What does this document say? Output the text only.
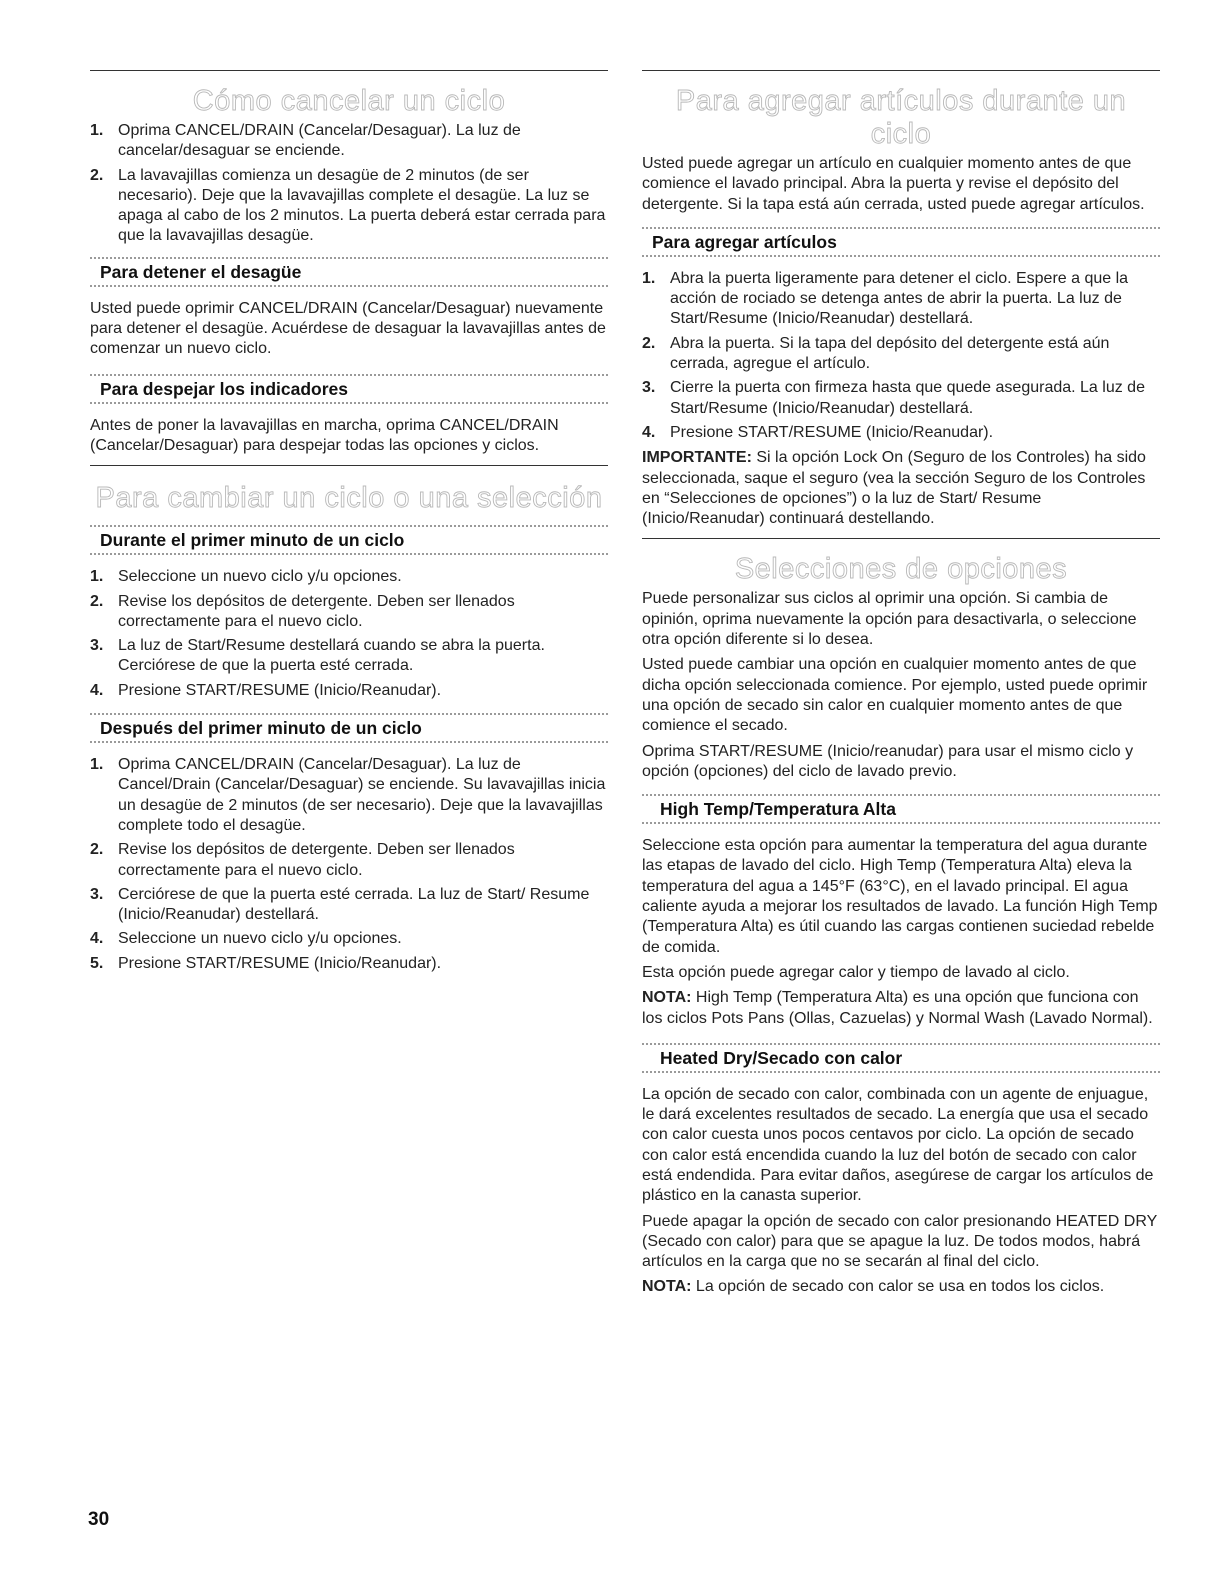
Cómo cancelar un ciclo
1. Oprima CANCEL/DRAIN (Cancelar/Desaguar). La luz de cancelar/desaguar se enciende.
2. La lavavajillas comienza un desagüe de 2 minutos (de ser necesario). Deje que la lavavajillas complete el desagüe. La luz se apaga al cabo de los 2 minutos. La puerta deberá estar cerrada para que la lavavajillas desagüe.
Para detener el desagüe

Usted puede oprimir CANCEL/DRAIN (Cancelar/Desaguar) nuevamente para detener el desagüe. Acuérdese de desaguar la lavavajillas antes de comenzar un nuevo ciclo.

Para despejar los indicadores

Antes de poner la lavavajillas en marcha, oprima CANCEL/DRAIN (Cancelar/Desaguar) para despejar todas las opciones y ciclos.

Para cambiar un ciclo o una selección
Durante el primer minuto de un ciclo
1. Seleccione un nuevo ciclo y/u opciones.
2. Revise los depósitos de detergente. Deben ser llenados correctamente para el nuevo ciclo.
3. La luz de Start/Resume destellará cuando se abra la puerta. Cerciórese de que la puerta esté cerrada.
4. Presione START/RESUME (Inicio/Reanudar).
Después del primer minuto de un ciclo
1. Oprima CANCEL/DRAIN (Cancelar/Desaguar). La luz de Cancel/Drain (Cancelar/Desaguar) se enciende. Su lavavajillas inicia un desagüe de 2 minutos (de ser necesario). Deje que la lavavajillas complete todo el desagüe.
2. Revise los depósitos de detergente. Deben ser llenados correctamente para el nuevo ciclo.
3. Cerciórese de que la puerta esté cerrada. La luz de Start/ Resume (Inicio/Reanudar) destellará.
4. Seleccione un nuevo ciclo y/u opciones.
5. Presione START/RESUME (Inicio/Reanudar).
Para agregar artículos durante un ciclo

Usted puede agregar un artículo en cualquier momento antes de que comience el lavado principal. Abra la puerta y revise el depósito del detergente. Si la tapa está aún cerrada, usted puede agregar artículos.

Para agregar artículos
1. Abra la puerta ligeramente para detener el ciclo. Espere a que la acción de rociado se detenga antes de abrir la puerta. La luz de Start/Resume (Inicio/Reanudar) destellará.
2. Abra la puerta. Si la tapa del depósito del detergente está aún cerrada, agregue el artículo.
3. Cierre la puerta con firmeza hasta que quede asegurada. La luz de Start/Resume (Inicio/Reanudar) destellará.
4. Presione START/RESUME (Inicio/Reanudar).

IMPORTANTE: Si la opción Lock On (Seguro de los Controles) ha sido seleccionada, saque el seguro (vea la sección Seguro de los Controles en “Selecciones de opciones”) o la luz de Start/ Resume (Inicio/Reanudar) continuará destellando.

Selecciones de opciones

Puede personalizar sus ciclos al oprimir una opción. Si cambia de opinión, oprima nuevamente la opción para desactivarla, o seleccione otra opción diferente si lo desea.

Usted puede cambiar una opción en cualquier momento antes de que dicha opción seleccionada comience. Por ejemplo, usted puede oprimir una opción de secado sin calor en cualquier momento antes de que comience el secado.

Oprima START/RESUME (Inicio/reanudar) para usar el mismo ciclo y opción (opciones) del ciclo de lavado previo.

High Temp/Temperatura Alta

Seleccione esta opción para aumentar la temperatura del agua durante las etapas de lavado del ciclo. High Temp (Temperatura Alta) eleva la temperatura del agua a 145°F (63°C), en el lavado principal. El agua caliente ayuda a mejorar los resultados de lavado. La función High Temp (Temperatura Alta) es útil cuando las cargas contienen suciedad rebelde de comida.

Esta opción puede agregar calor y tiempo de lavado al ciclo.

NOTA: High Temp (Temperatura Alta) es una opción que funciona con los ciclos Pots Pans (Ollas, Cazuelas) y Normal Wash (Lavado Normal).

Heated Dry/Secado con calor

La opción de secado con calor, combinada con un agente de enjuague, le dará excelentes resultados de secado. La energía que usa el secado con calor cuesta unos pocos centavos por ciclo. La opción de secado con calor está encendida cuando la luz del botón de secado con calor está endendida. Para evitar daños, asegúrese de cargar los artículos de plástico en la canasta superior.

Puede apagar la opción de secado con calor presionando HEATED DRY (Secado con calor) para que se apague la luz. De todos modos, habrá artículos en la carga que no se secarán al final del ciclo.

NOTA: La opción de secado con calor se usa en todos los ciclos.

30
